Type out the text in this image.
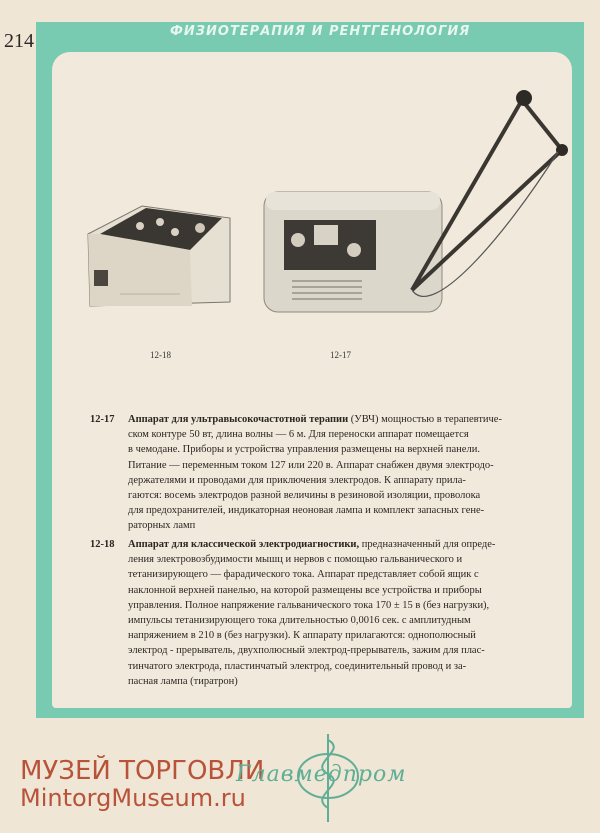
214	ФИЗИОТЕРАПИЯ И РЕНТГЕНОЛОГИЯ
12-18	12-17
12-17 Аппарат для ультравысокочастотной терапии (УВЧ) мощностью в терапевтиче-
ском контуре 50 вт, длина волны — 6 м. Для переноски аппарат помещается
в чемодане. Приборы и устройства управления размещены на верхней панели.
Питание — переменным током 127 или 220 в. Аппарат снабжен двумя электродо-
держателями и проводами для приключения электродов. К аппарату прила-
гаются: восемь электродов разной величины в резиновой изоляции, проволока
для предохранителей, индикаторная неоновая лампа и комплект запасных гене-
раторных ламп
12-18 Аппарат для классической электродиагностики, предназначенный для опреде-
ления электровозбудимости мышц и нервов с помощью гальванического и
тетанизирующего — фарадического тока. Аппарат представляет собой ящик с
наклонной верхней панелью, на которой размещены все устройства и приборы
управления. Полное напряжение гальванического тока 170 ± 15 в (без нагрузки),
импульсы тетанизирующего тока длительностью 0,0016 сек. с амплитудным
напряжением в 210 в (без нагрузки). К аппарату прилагаются: однополюсный
электрод - прерыватель, двухполюсный электрод-прерыватель, зажим для плас-
тинчатого электрода, пластинчатый электрод, соединительный провод и за-
пасная лампа (тиратрон)
МУЗЕЙ ТОРГОВЛИ
MintorgMuseum.ru
Главмедпром
